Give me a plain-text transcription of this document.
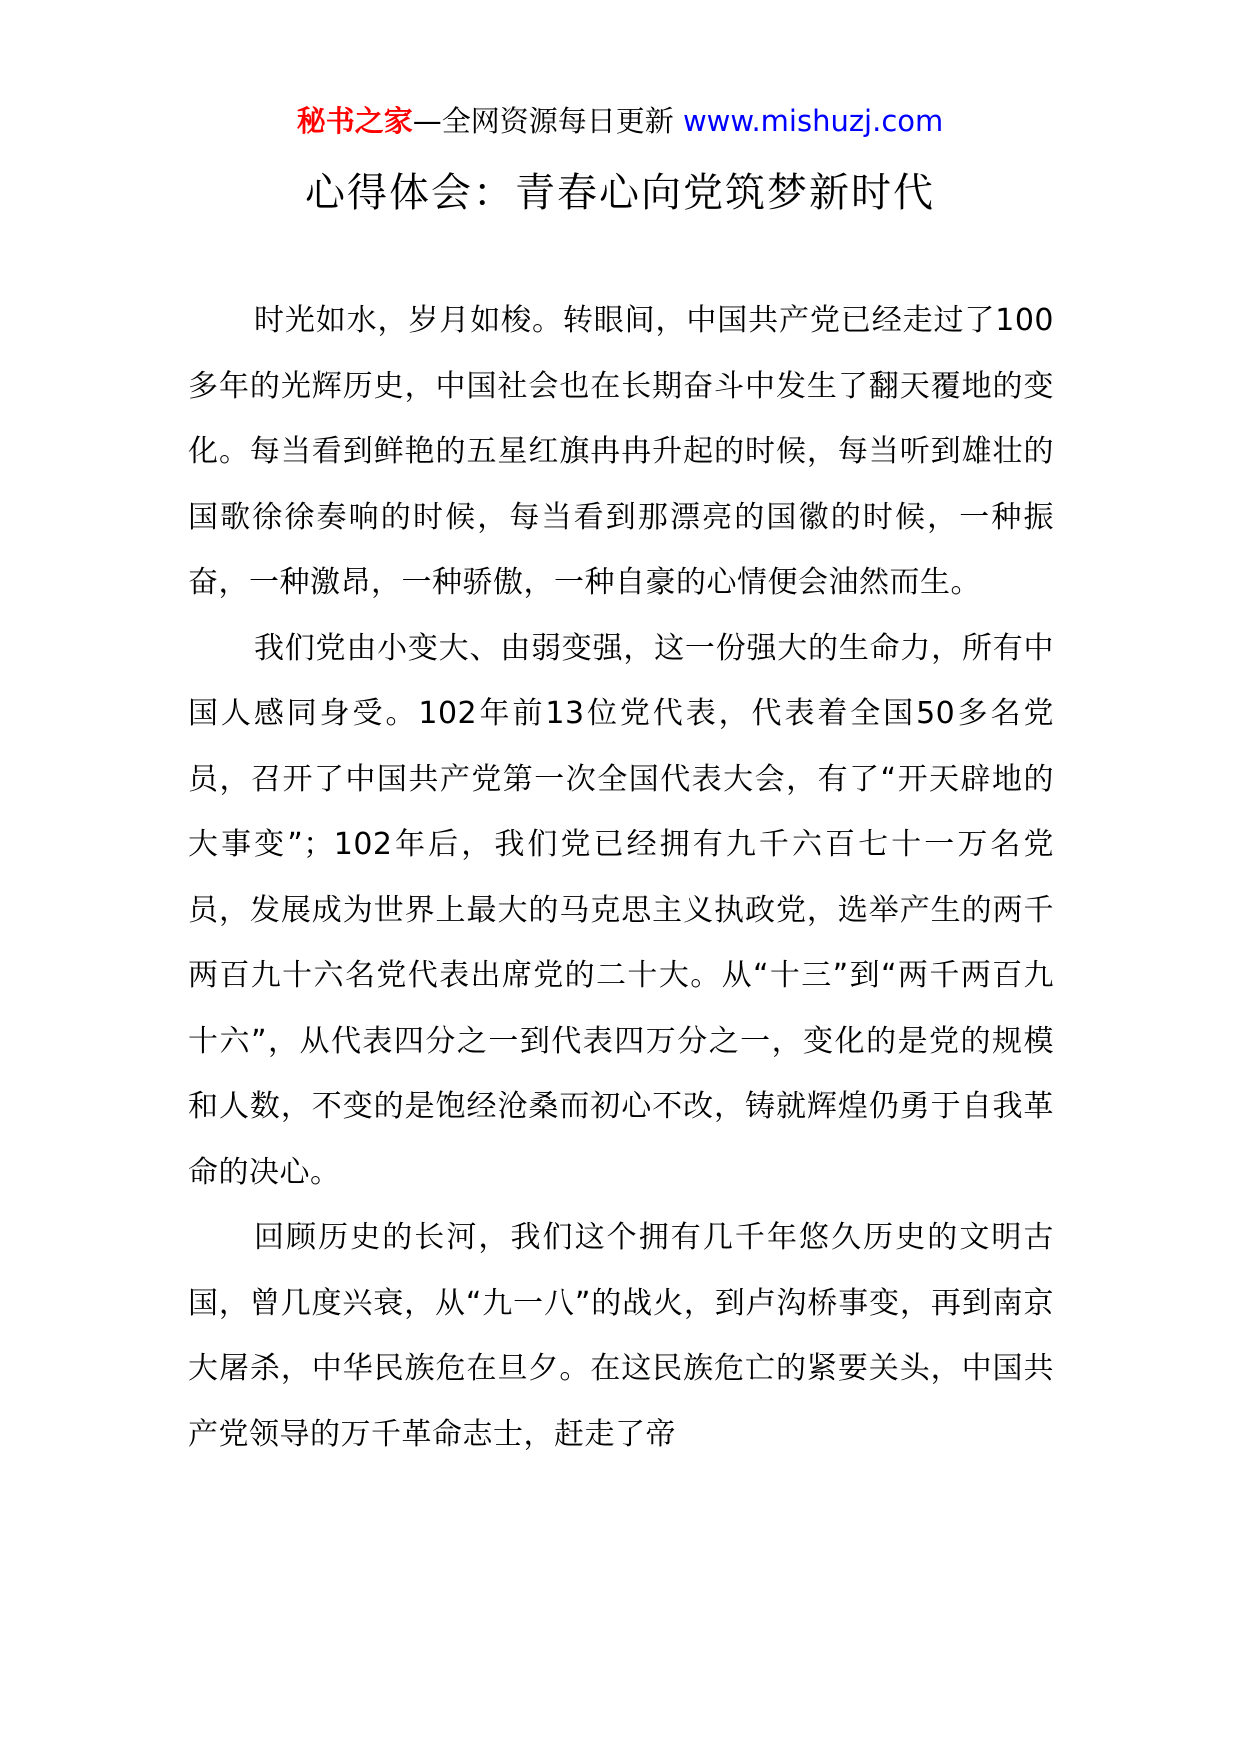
秘书之家—全网资源每日更新 www.mishuzj.com
心得体会：青春心向党筑梦新时代

时光如水，岁月如梭。转眼间，中国共产党已经走过了100多年的光辉历史，中国社会也在长期奋斗中发生了翻天覆地的变化。每当看到鲜艳的五星红旗冉冉升起的时候，每当听到雄壮的国歌徐徐奏响的时候，每当看到那漂亮的国徽的时候，一种振奋，一种激昂，一种骄傲，一种自豪的心情便会油然而生。

我们党由小变大、由弱变强，这一份强大的生命力，所有中国人感同身受。102年前13位党代表，代表着全国50多名党员，召开了中国共产党第一次全国代表大会，有了“开天辟地的大事变”；102年后，我们党已经拥有九千六百七十一万名党员，发展成为世界上最大的马克思主义执政党，选举产生的两千两百九十六名党代表出席党的二十大。从“十三”到“两千两百九十六”，从代表四分之一到代表四万分之一，变化的是党的规模和人数，不变的是饱经沧桑而初心不改，铸就辉煌仍勇于自我革命的决心。

回顾历史的长河，我们这个拥有几千年悠久历史的文明古国，曾几度兴衰，从“九一八”的战火，到卢沟桥事变，再到南京大屠杀，中华民族危在旦夕。在这民族危亡的紧要关头，中国共产党领导的万千革命志士，赶走了帝
